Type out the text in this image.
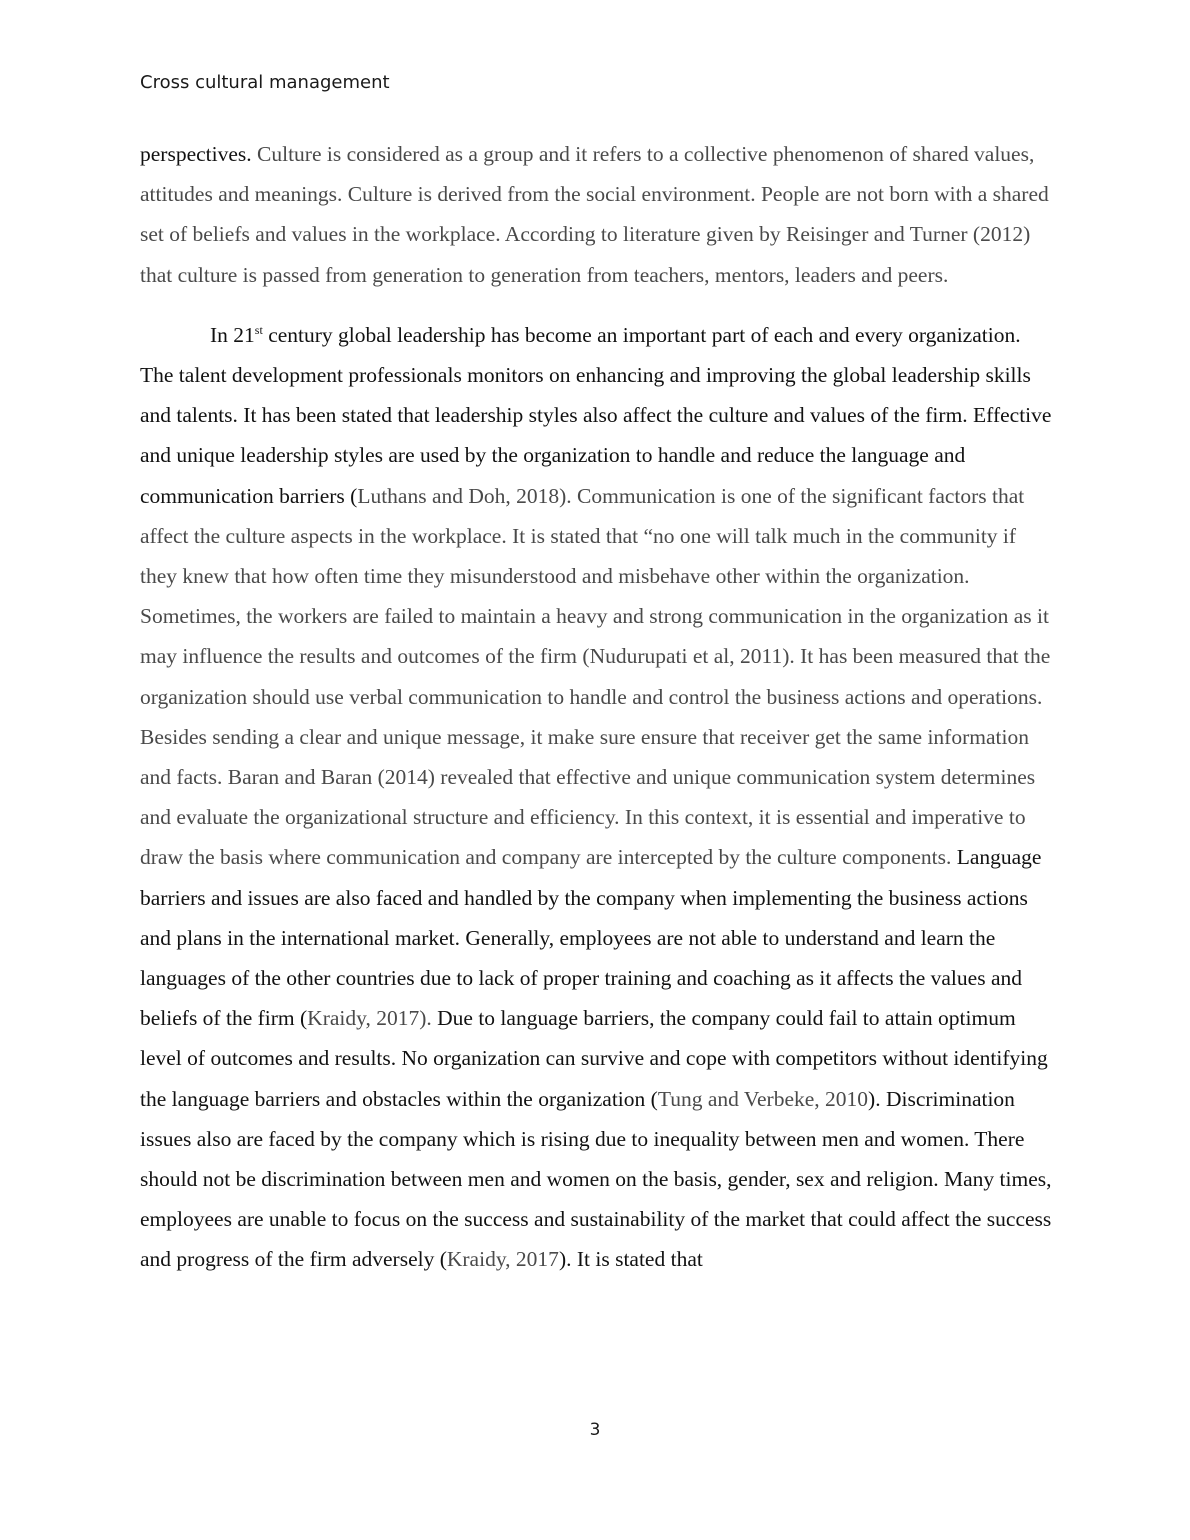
Cross cultural management

perspectives. Culture is considered as a group and it refers to a collective phenomenon of shared values, attitudes and meanings. Culture is derived from the social environment. People are not born with a shared set of beliefs and values in the workplace. According to literature given by Reisinger and Turner (2012) that culture is passed from generation to generation from teachers, mentors, leaders and peers.

In 21st century global leadership has become an important part of each and every organization. The talent development professionals monitors on enhancing and improving the global leadership skills and talents. It has been stated that leadership styles also affect the culture and values of the firm. Effective and unique leadership styles are used by the organization to handle and reduce the language and communication barriers (Luthans and Doh, 2018). Communication is one of the significant factors that affect the culture aspects in the workplace. It is stated that “no one will talk much in the community if they knew that how often time they misunderstood and misbehave other within the organization. Sometimes, the workers are failed to maintain a heavy and strong communication in the organization as it may influence the results and outcomes of the firm (Nudurupati et al, 2011). It has been measured that the organization should use verbal communication to handle and control the business actions and operations. Besides sending a clear and unique message, it make sure ensure that receiver get the same information and facts. Baran and Baran (2014) revealed that effective and unique communication system determines and evaluate the organizational structure and efficiency. In this context, it is essential and imperative to draw the basis where communication and company are intercepted by the culture components. Language barriers and issues are also faced and handled by the company when implementing the business actions and plans in the international market. Generally, employees are not able to understand and learn the languages of the other countries due to lack of proper training and coaching as it affects the values and beliefs of the firm (Kraidy, 2017). Due to language barriers, the company could fail to attain optimum level of outcomes and results. No organization can survive and cope with competitors without identifying the language barriers and obstacles within the organization (Tung and Verbeke, 2010). Discrimination issues also are faced by the company which is rising due to inequality between men and women. There should not be discrimination between men and women on the basis, gender, sex and religion. Many times, employees are unable to focus on the success and sustainability of the market that could affect the success and progress of the firm adversely (Kraidy, 2017). It is stated that

3
